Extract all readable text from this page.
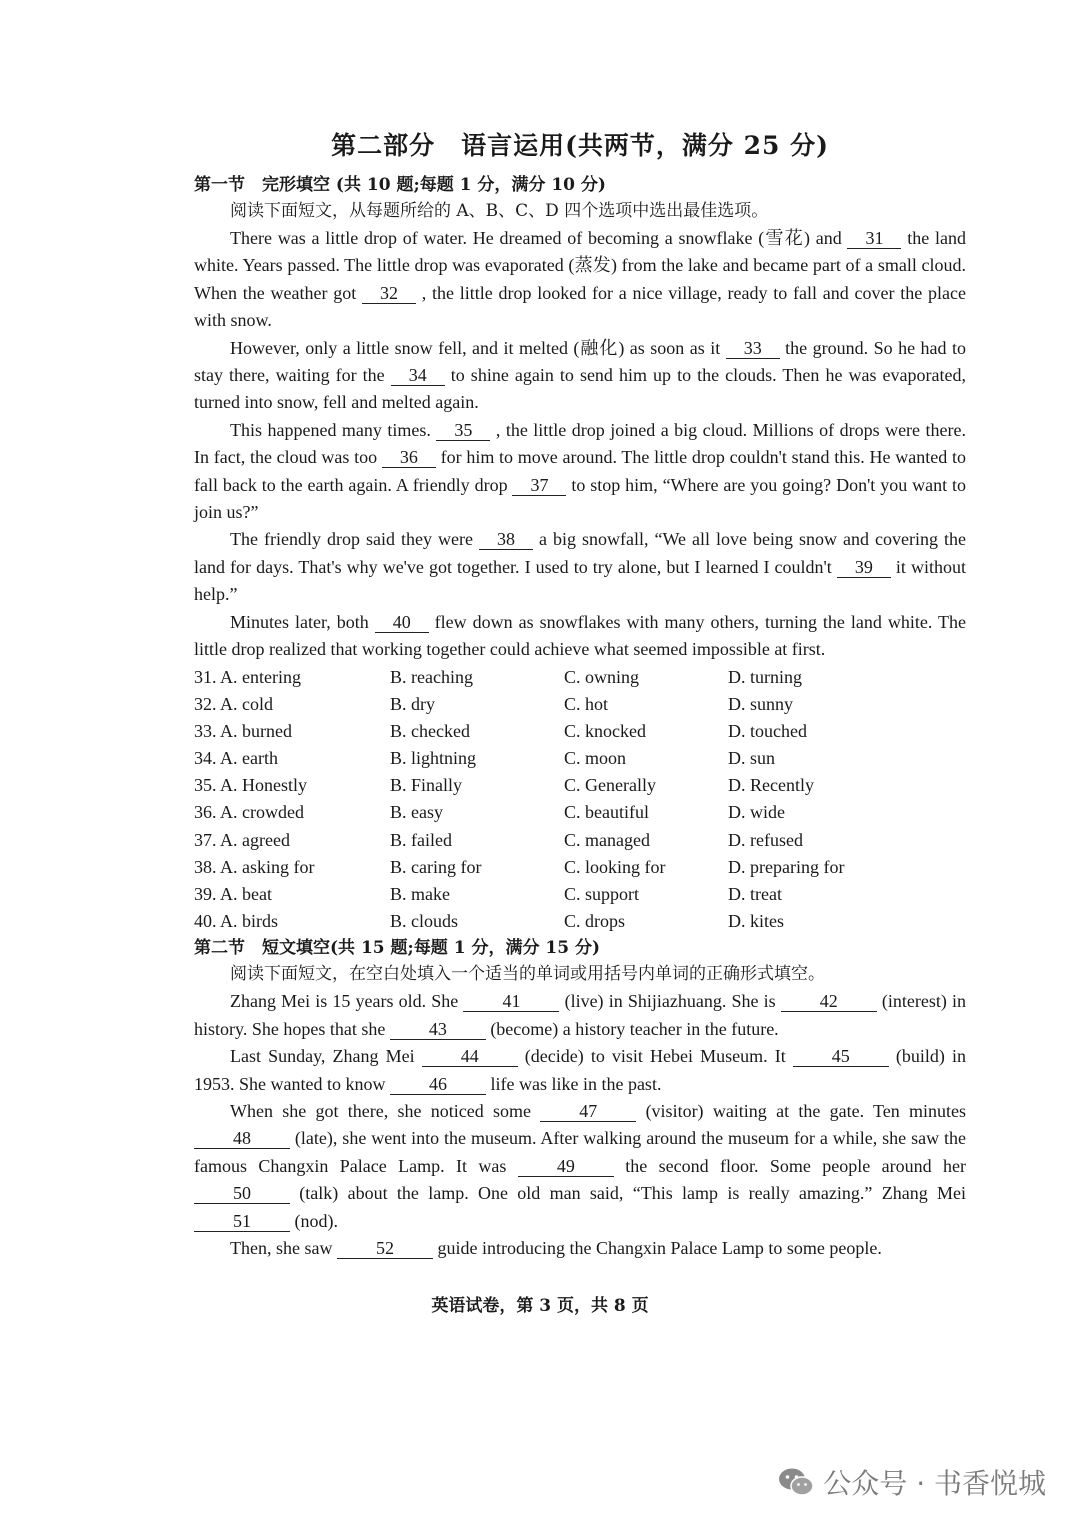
第二部分　语言运用(共两节，满分 25 分)
第一节　完形填空 (共 10 题;每题 1 分，满分 10 分)

阅读下面短文，从每题所给的 A、B、C、D 四个选项中选出最佳选项。

There was a little drop of water. He dreamed of becoming a snowflake (雪花) and 31 the land white. Years passed. The little drop was evaporated (蒸发) from the lake and became part of a small cloud. When the weather got 32 , the little drop looked for a nice village, ready to fall and cover the place with snow.

However, only a little snow fell, and it melted (融化) as soon as it 33 the ground. So he had to stay there, waiting for the 34 to shine again to send him up to the clouds. Then he was evaporated, turned into snow, fell and melted again.

This happened many times. 35 , the little drop joined a big cloud. Millions of drops were there. In fact, the cloud was too 36 for him to move around. The little drop couldn't stand this. He wanted to fall back to the earth again. A friendly drop 37 to stop him, “Where are you going? Don't you want to join us?”

The friendly drop said they were 38 a big snowfall, “We all love being snow and covering the land for days. That's why we've got together. I used to try alone, but I learned I couldn't 39 it without help.”

Minutes later, both 40 flew down as snowflakes with many others, turning the land white. The little drop realized that working together could achieve what seemed impossible at first.

31. A. entering	B. reaching	C. owning	D. turning
32. A. cold	B. dry	C. hot	D. sunny
33. A. burned	B. checked	C. knocked	D. touched
34. A. earth	B. lightning	C. moon	D. sun
35. A. Honestly	B. Finally	C. Generally	D. Recently
36. A. crowded	B. easy	C. beautiful	D. wide
37. A. agreed	B. failed	C. managed	D. refused
38. A. asking for	B. caring for	C. looking for	D. preparing for
39. A. beat	B. make	C. support	D. treat
40. A. birds	B. clouds	C. drops	D. kites
第二节　短文填空(共 15 题;每题 1 分，满分 15 分)

阅读下面短文，在空白处填入一个适当的单词或用括号内单词的正确形式填空。

Zhang Mei is 15 years old. She 41 (live) in Shijiazhuang. She is 42 (interest) in history. She hopes that she 43 (become) a history teacher in the future.

Last Sunday, Zhang Mei 44 (decide) to visit Hebei Museum. It 45 (build) in 1953. She wanted to know 46 life was like in the past.

When she got there, she noticed some 47 (visitor) waiting at the gate. Ten minutes 48 (late), she went into the museum. After walking around the museum for a while, she saw the famous Changxin Palace Lamp. It was 49 the second floor. Some people around her 50 (talk) about the lamp. One old man said, “This lamp is really amazing.” Zhang Mei 51 (nod).

Then, she saw 52 guide introducing the Changxin Palace Lamp to some people.

英语试卷，第 3 页，共 8 页
公众号 · 书香悦城
